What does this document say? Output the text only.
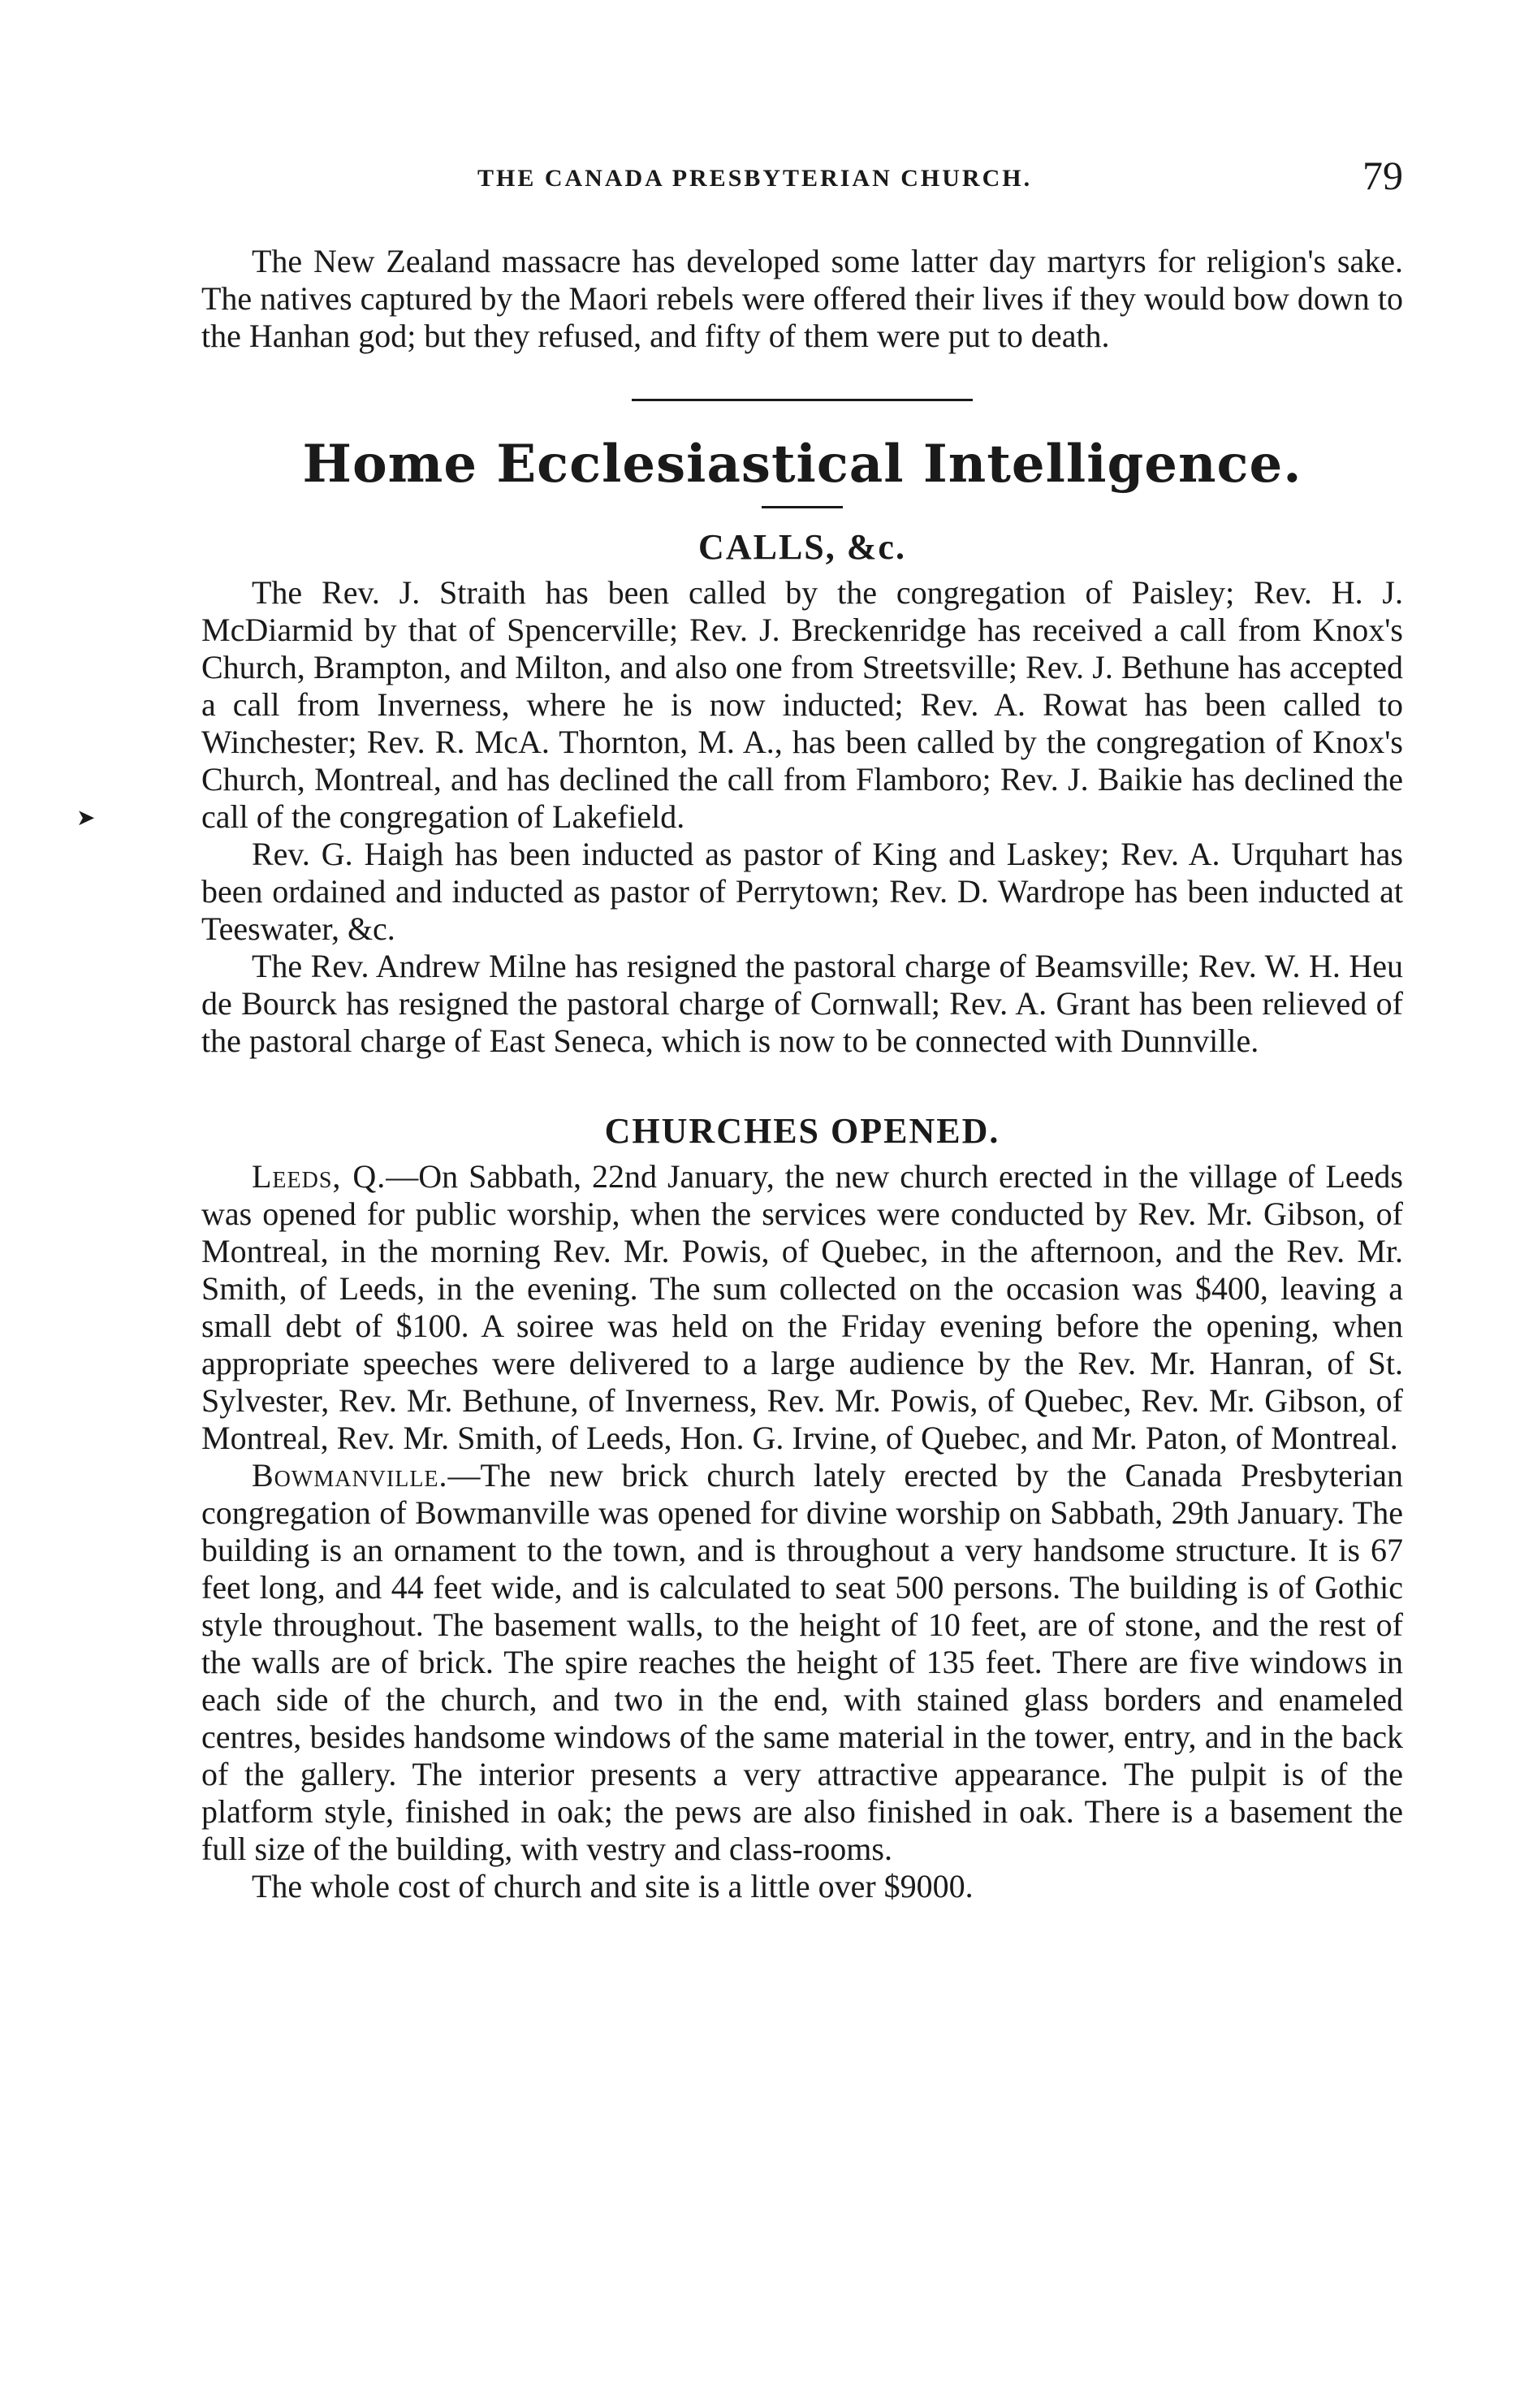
➤
THE CANADA PRESBYTERIAN CHURCH.	79

The New Zealand massacre has developed some latter day martyrs for religion's sake. The natives captured by the Maori rebels were offered their lives if they would bow down to the Hanhan god; but they refused, and fifty of them were put to death.

Home Ecclesiastical Intelligence.
CALLS, &c.

The Rev. J. Straith has been called by the congregation of Paisley; Rev. H. J. McDiarmid by that of Spencerville; Rev. J. Breckenridge has received a call from Knox's Church, Brampton, and Milton, and also one from Streetsville; Rev. J. Bethune has accepted a call from Inverness, where he is now inducted; Rev. A. Rowat has been called to Winchester; Rev. R. McA. Thornton, M. A., has been called by the congregation of Knox's Church, Montreal, and has declined the call from Flamboro; Rev. J. Baikie has declined the call of the congregation of Lakefield.

Rev. G. Haigh has been inducted as pastor of King and Laskey; Rev. A. Urquhart has been ordained and inducted as pastor of Perrytown; Rev. D. Wardrope has been inducted at Teeswater, &c.

The Rev. Andrew Milne has resigned the pastoral charge of Beamsville; Rev. W. H. Heu de Bourck has resigned the pastoral charge of Cornwall; Rev. A. Grant has been relieved of the pastoral charge of East Seneca, which is now to be connected with Dunnville.

CHURCHES OPENED.

Leeds, Q.—On Sabbath, 22nd January, the new church erected in the village of Leeds was opened for public worship, when the services were conducted by Rev. Mr. Gibson, of Montreal, in the morning Rev. Mr. Powis, of Quebec, in the afternoon, and the Rev. Mr. Smith, of Leeds, in the evening. The sum collected on the occasion was $400, leaving a small debt of $100. A soiree was held on the Friday evening before the opening, when appropriate speeches were delivered to a large audience by the Rev. Mr. Hanran, of St. Sylvester, Rev. Mr. Bethune, of Inverness, Rev. Mr. Powis, of Quebec, Rev. Mr. Gibson, of Montreal, Rev. Mr. Smith, of Leeds, Hon. G. Irvine, of Quebec, and Mr. Paton, of Montreal.

Bowmanville.—The new brick church lately erected by the Canada Presbyterian congregation of Bowmanville was opened for divine worship on Sabbath, 29th January. The building is an ornament to the town, and is throughout a very handsome structure. It is 67 feet long, and 44 feet wide, and is calculated to seat 500 persons. The building is of Gothic style throughout. The basement walls, to the height of 10 feet, are of stone, and the rest of the walls are of brick. The spire reaches the height of 135 feet. There are five windows in each side of the church, and two in the end, with stained glass borders and enameled centres, besides handsome windows of the same material in the tower, entry, and in the back of the gallery. The interior presents a very attractive appearance. The pulpit is of the platform style, finished in oak; the pews are also finished in oak. There is a basement the full size of the building, with vestry and class-rooms.

The whole cost of church and site is a little over $9000.
